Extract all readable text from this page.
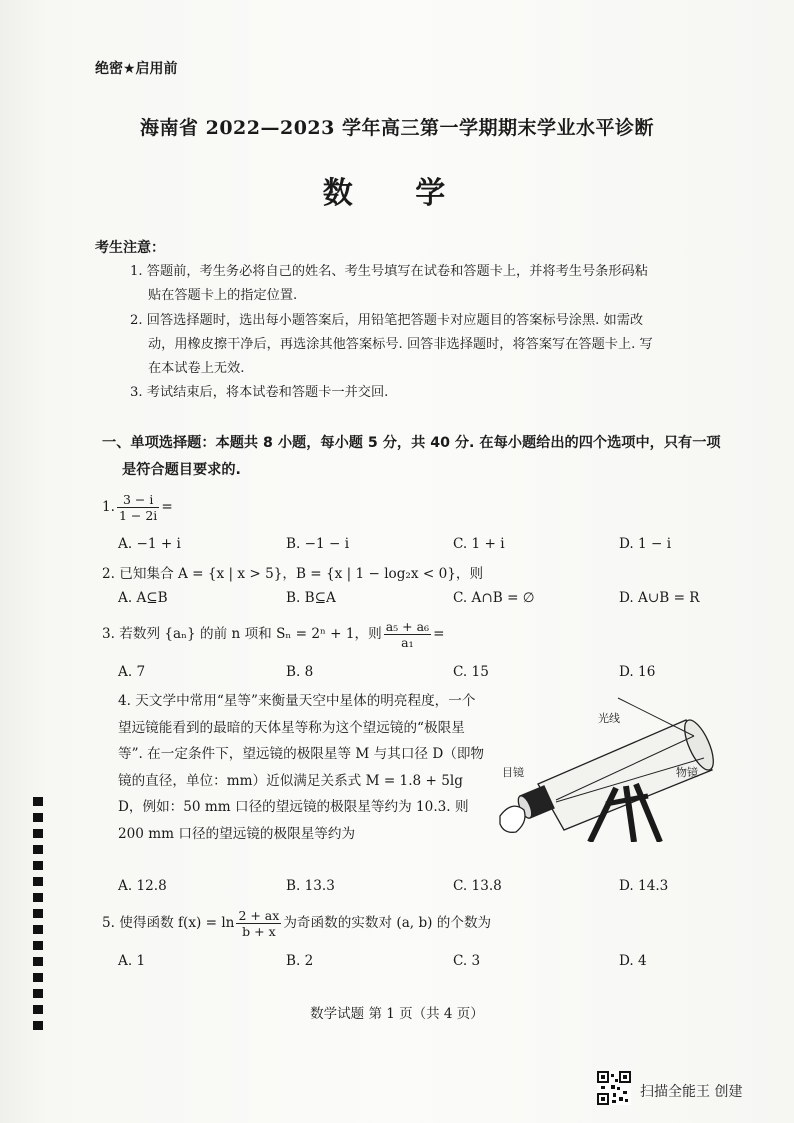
绝密★启用前
海南省 2022—2023 学年高三第一学期期末学业水平诊断
数 学
考生注意：
1. 答题前，考生务必将自己的姓名、考生号填写在试卷和答题卡上，并将考生号条形码粘
贴在答题卡上的指定位置.
2. 回答选择题时，选出每小题答案后，用铅笔把答题卡对应题目的答案标号涂黑. 如需改
动，用橡皮擦干净后，再选涂其他答案标号. 回答非选择题时，将答案写在答题卡上. 写
在本试卷上无效.
3. 考试结束后，将本试卷和答题卡一并交回.
一、单项选择题：本题共 8 小题，每小题 5 分，共 40 分. 在每小题给出的四个选项中，只有一项
是符合题目要求的.
1. $\frac{3 - i}{1 - 2i}$ =
A. −1 + i	B. −1 − i	C. 1 + i	D. 1 − i
2. 已知集合 A = {x | x > 5}，B = {x | 1 − log₂x < 0}，则
A. A⊆B	B. B⊆A	C. A∩B = ∅	D. A∪B = R
3. 若数列 {aₙ} 的前 n 项和 Sₙ = 2ⁿ + 1，则 $\frac{\text{a₅ + a₆}}{\text{a₁}}$ =
A. 7	B. 8	C. 15	D. 16
4. 天文学中常用“星等”来衡量天空中星体的明亮程度，一个望远镜能看到的最暗的天体星等称为这个望远镜的“极限星等”. 在一定条件下，望远镜的极限星等 M 与其口径 D（即物镜的直径，单位：mm）近似满足关系式 M = 1.8 + 5lg D，例如：50 mm 口径的望远镜的极限星等约为 10.3. 则 200 mm 口径的望远镜的极限星等约为
光线
目镜	物镜
A. 12.8	B. 13.3	C. 13.8	D. 14.3
5. 使得函数 $f(x) = \ln \frac{2 + ax}{b + x}$ 为奇函数的实数对 (a, b) 的个数为
A. 1	B. 2	C. 3	D. 4
数学试题 第 1 页（共 4 页）
扫描全能王 创建
